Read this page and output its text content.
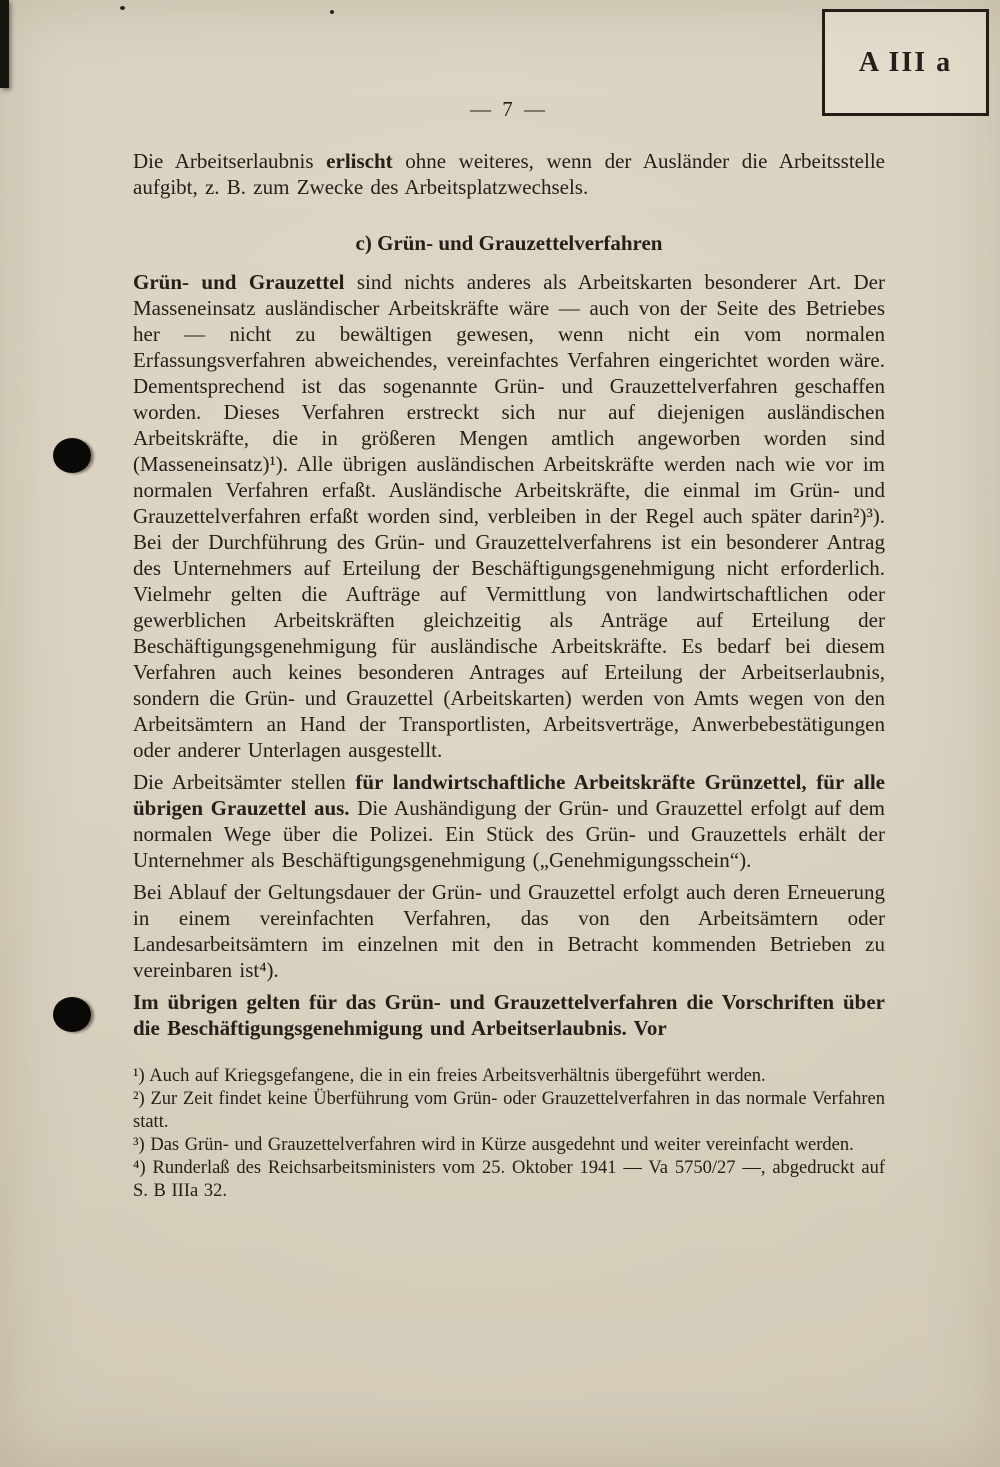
A III a
— 7 —

Die Arbeitserlaubnis erlischt ohne weiteres, wenn der Ausländer die Arbeitsstelle aufgibt, z. B. zum Zwecke des Arbeitsplatzwechsels.

c) Grün- und Grauzettelverfahren

Grün- und Grauzettel sind nichts anderes als Arbeitskarten besonderer Art. Der Masseneinsatz ausländischer Arbeitskräfte wäre — auch von der Seite des Betriebes her — nicht zu bewältigen gewesen, wenn nicht ein vom normalen Erfassungsverfahren abweichendes, vereinfachtes Verfahren eingerichtet worden wäre. Dementsprechend ist das sogenannte Grün- und Grauzettelverfahren geschaffen worden. Dieses Verfahren erstreckt sich nur auf diejenigen ausländischen Arbeitskräfte, die in größeren Mengen amtlich angeworben worden sind (Masseneinsatz)¹). Alle übrigen ausländischen Arbeitskräfte werden nach wie vor im normalen Verfahren erfaßt. Ausländische Arbeitskräfte, die einmal im Grün- und Grauzettelverfahren erfaßt worden sind, verbleiben in der Regel auch später darin²)³). Bei der Durchführung des Grün- und Grauzettelverfahrens ist ein besonderer Antrag des Unternehmers auf Erteilung der Beschäftigungsgenehmigung nicht erforderlich. Vielmehr gelten die Aufträge auf Vermittlung von landwirtschaftlichen oder gewerblichen Arbeitskräften gleichzeitig als Anträge auf Erteilung der Beschäftigungsgenehmigung für ausländische Arbeitskräfte. Es bedarf bei diesem Verfahren auch keines besonderen Antrages auf Erteilung der Arbeitserlaubnis, sondern die Grün- und Grauzettel (Arbeitskarten) werden von Amts wegen von den Arbeitsämtern an Hand der Transportlisten, Arbeitsverträge, Anwerbebestätigungen oder anderer Unterlagen ausgestellt.

Die Arbeitsämter stellen für landwirtschaftliche Arbeitskräfte Grünzettel, für alle übrigen Grauzettel aus. Die Aushändigung der Grün- und Grauzettel erfolgt auf dem normalen Wege über die Polizei. Ein Stück des Grün- und Grauzettels erhält der Unternehmer als Beschäftigungsgenehmigung („Genehmigungsschein“).

Bei Ablauf der Geltungsdauer der Grün- und Grauzettel erfolgt auch deren Erneuerung in einem vereinfachten Verfahren, das von den Arbeitsämtern oder Landesarbeitsämtern im einzelnen mit den in Betracht kommenden Betrieben zu vereinbaren ist⁴).

Im übrigen gelten für das Grün- und Grauzettelverfahren die Vorschriften über die Beschäftigungsgenehmigung und Arbeitserlaubnis. Vor

¹) Auch auf Kriegsgefangene, die in ein freies Arbeitsverhältnis übergeführt werden.

²) Zur Zeit findet keine Überführung vom Grün- oder Grauzettelverfahren in das normale Verfahren statt.

³) Das Grün- und Grauzettelverfahren wird in Kürze ausgedehnt und weiter vereinfacht werden.

⁴) Runderlaß des Reichsarbeitsministers vom 25. Oktober 1941 — Va 5750/27 —, abgedruckt auf S. B IIIa 32.
